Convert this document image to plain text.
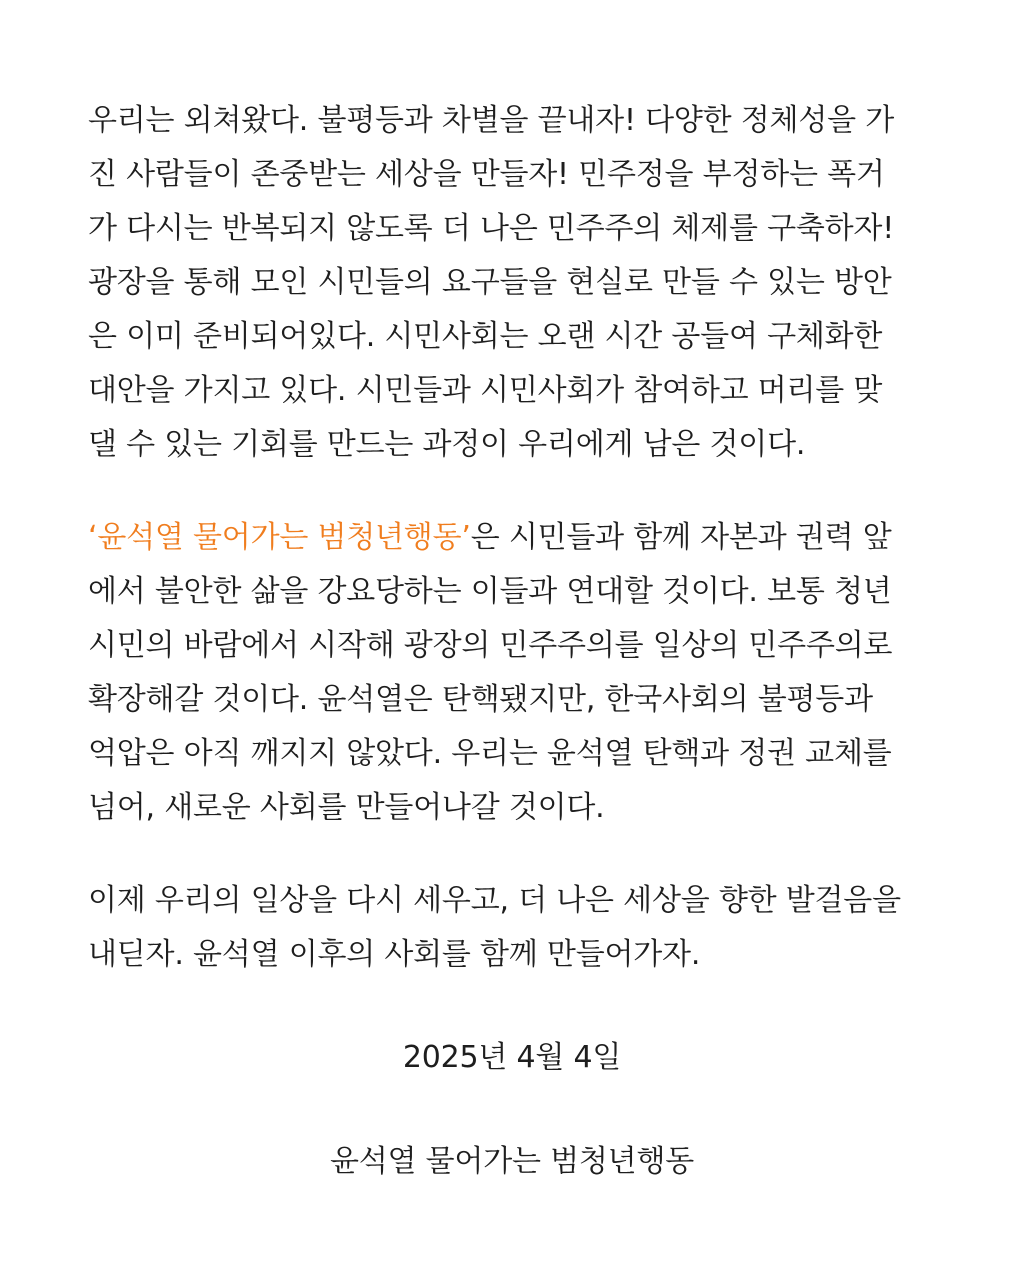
우리는 외쳐왔다. 불평등과 차별을 끝내자! 다양한 정체성을 가
진 사람들이 존중받는 세상을 만들자! 민주정을 부정하는 폭거
가 다시는 반복되지 않도록 더 나은 민주주의 체제를 구축하자!
광장을 통해 모인 시민들의 요구들을 현실로 만들 수 있는 방안
은 이미 준비되어있다. 시민사회는 오랜 시간 공들여 구체화한
대안을 가지고 있다. 시민들과 시민사회가 참여하고 머리를 맞
댈 수 있는 기회를 만드는 과정이 우리에게 남은 것이다.
‘윤석열 물어가는 범청년행동’은 시민들과 함께 자본과 권력 앞
에서 불안한 삶을 강요당하는 이들과 연대할 것이다. 보통 청년
시민의 바람에서 시작해 광장의 민주주의를 일상의 민주주의로
확장해갈 것이다. 윤석열은 탄핵됐지만, 한국사회의 불평등과
억압은 아직 깨지지 않았다. 우리는 윤석열 탄핵과 정권 교체를
넘어, 새로운 사회를 만들어나갈 것이다.
이제 우리의 일상을 다시 세우고, 더 나은 세상을 향한 발걸음을
내딛자. 윤석열 이후의 사회를 함께 만들어가자.

2025년 4월 4일

윤석열 물어가는 범청년행동
